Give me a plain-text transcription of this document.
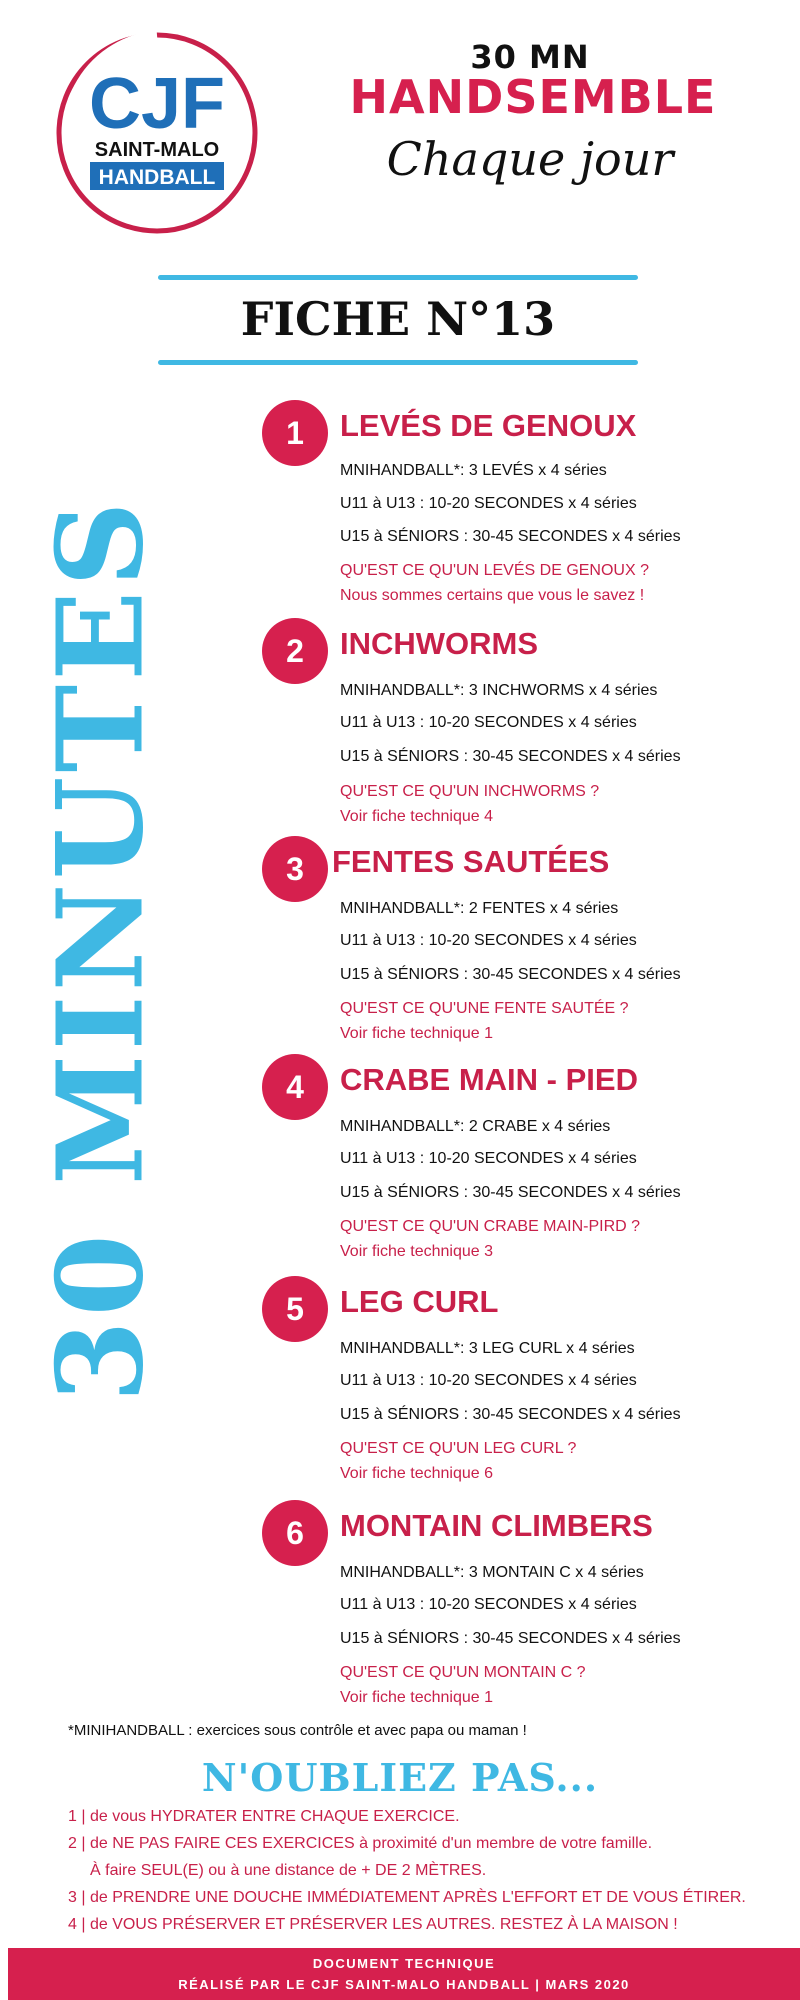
CJF
SAINT-MALO
HANDBALL
30 MN
HANDSEMBLE
Chaque jour
FICHE N°13
30 MINUTES
1	LEVÉS DE GENOUX
MNIHANDBALL*: 3 LEVÉS x 4 séries
U11 à U13 : 10-20 SECONDES x 4 séries
U15 à SÉNIORS : 30-45 SECONDES x 4 séries
QU'EST CE QU'UN LEVÉS DE GENOUX ?
Nous sommes certains que vous le savez !
2	INCHWORMS
MNIHANDBALL*: 3 INCHWORMS x 4 séries
U11 à U13 : 10-20 SECONDES x 4 séries
U15 à SÉNIORS : 30-45 SECONDES x 4 séries
QU'EST CE QU'UN INCHWORMS ?
Voir fiche technique 4
3 FENTES SAUTÉES
MNIHANDBALL*: 2 FENTES x 4 séries
U11 à U13 : 10-20 SECONDES x 4 séries
U15 à SÉNIORS : 30-45 SECONDES x 4 séries
QU'EST CE QU'UNE FENTE SAUTÉE ?
Voir fiche technique 1
4	CRABE MAIN - PIED
MNIHANDBALL*: 2 CRABE x 4 séries
U11 à U13 : 10-20 SECONDES x 4 séries
U15 à SÉNIORS : 30-45 SECONDES x 4 séries
QU'EST CE QU'UN CRABE MAIN-PIRD ?
Voir fiche technique 3
5	LEG CURL
MNIHANDBALL*: 3 LEG CURL x 4 séries
U11 à U13 : 10-20 SECONDES x 4 séries
U15 à SÉNIORS : 30-45 SECONDES x 4 séries
QU'EST CE QU'UN LEG CURL ?
Voir fiche technique 6
6	MONTAIN CLIMBERS
MNIHANDBALL*: 3 MONTAIN C x 4 séries
U11 à U13 : 10-20 SECONDES x 4 séries
U15 à SÉNIORS : 30-45 SECONDES x 4 séries
QU'EST CE QU'UN MONTAIN C ?
Voir fiche technique 1
*MINIHANDBALL : exercices sous contrôle et avec papa ou maman !
N'OUBLIEZ PAS...
1 | de vous HYDRATER ENTRE CHAQUE EXERCICE.
2 | de NE PAS FAIRE CES EXERCICES à proximité d'un membre de votre famille.
À faire SEUL(E) ou à une distance de + DE 2 MÈTRES.
3 | de PRENDRE UNE DOUCHE IMMÉDIATEMENT APRÈS L'EFFORT ET DE VOUS ÉTIRER.
4 | de VOUS PRÉSERVER ET PRÉSERVER LES AUTRES. RESTEZ À LA MAISON !
DOCUMENT TECHNIQUE
RÉALISÉ PAR LE CJF SAINT-MALO HANDBALL | MARS 2020
